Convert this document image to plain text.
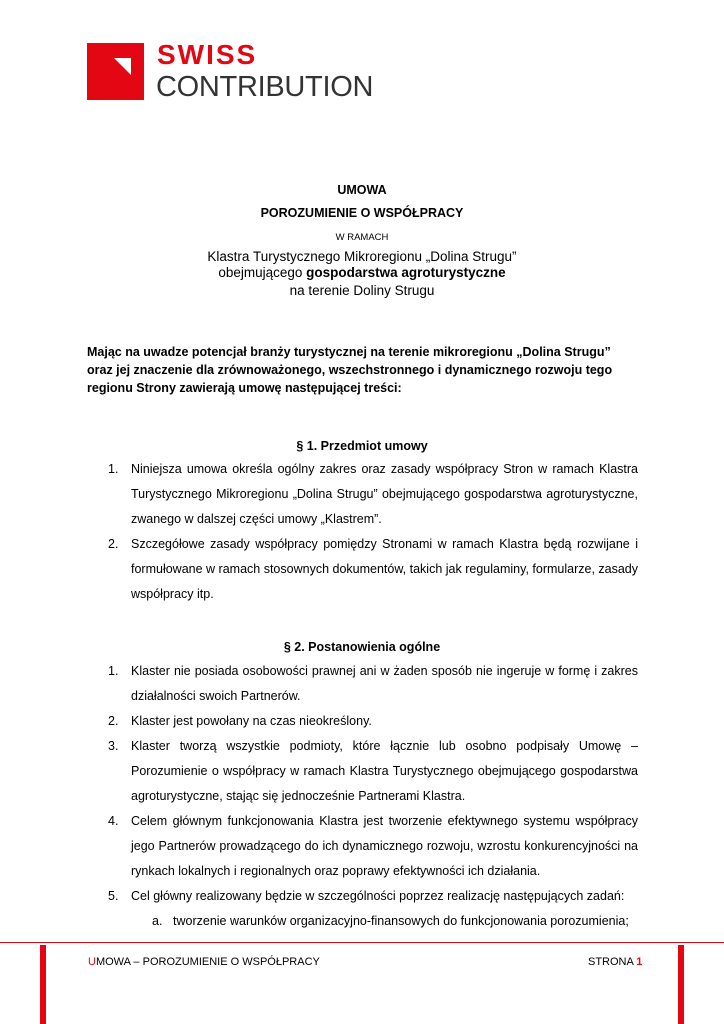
SWISS
CONTRIBUTION
UMOWA
POROZUMIENIE O WSPÓŁPRACY
W RAMACH
Klastra Turystycznego Mikroregionu „Dolina Strugu”
obejmującego gospodarstwa agroturystyczne
na terenie Doliny Strugu
Mając na uwadze potencjał branży turystycznej na terenie mikroregionu „Dolina Strugu” oraz jej znaczenie dla zrównoważonego, wszechstronnego i dynamicznego rozwoju tego regionu Strony zawierają umowę następującej treści:
§ 1. Przedmiot umowy
1. Niniejsza umowa określa ogólny zakres oraz zasady współpracy Stron w ramach Klastra Turystycznego Mikroregionu „Dolina Strugu” obejmującego gospodarstwa agroturystyczne, zwanego w dalszej części umowy „Klastrem”.
2. Szczegółowe zasady współpracy pomiędzy Stronami w ramach Klastra będą rozwijane i formułowane w ramach stosownych dokumentów, takich jak regulaminy, formularze, zasady współpracy itp.
§ 2. Postanowienia ogólne
1. Klaster nie posiada osobowości prawnej ani w żaden sposób nie ingeruje w formę i zakres działalności swoich Partnerów.
2. Klaster jest powołany na czas nieokreślony.
3. Klaster tworzą wszystkie podmioty, które łącznie lub osobno podpisały Umowę – Porozumienie o współpracy w ramach Klastra Turystycznego obejmującego gospodarstwa agroturystyczne, stając się jednocześnie Partnerami Klastra.
4. Celem głównym funkcjonowania Klastra jest tworzenie efektywnego systemu współpracy jego Partnerów prowadzącego do ich dynamicznego rozwoju, wzrostu konkurencyjności na rynkach lokalnych i regionalnych oraz poprawy efektywności ich działania.
5. Cel główny realizowany będzie w szczególności poprzez realizację następujących zadań:
a. tworzenie warunków organizacyjno-finansowych do funkcjonowania porozumienia;
UMOWA – POROZUMIENIE O WSPÓŁPRACY	STRONA 1
